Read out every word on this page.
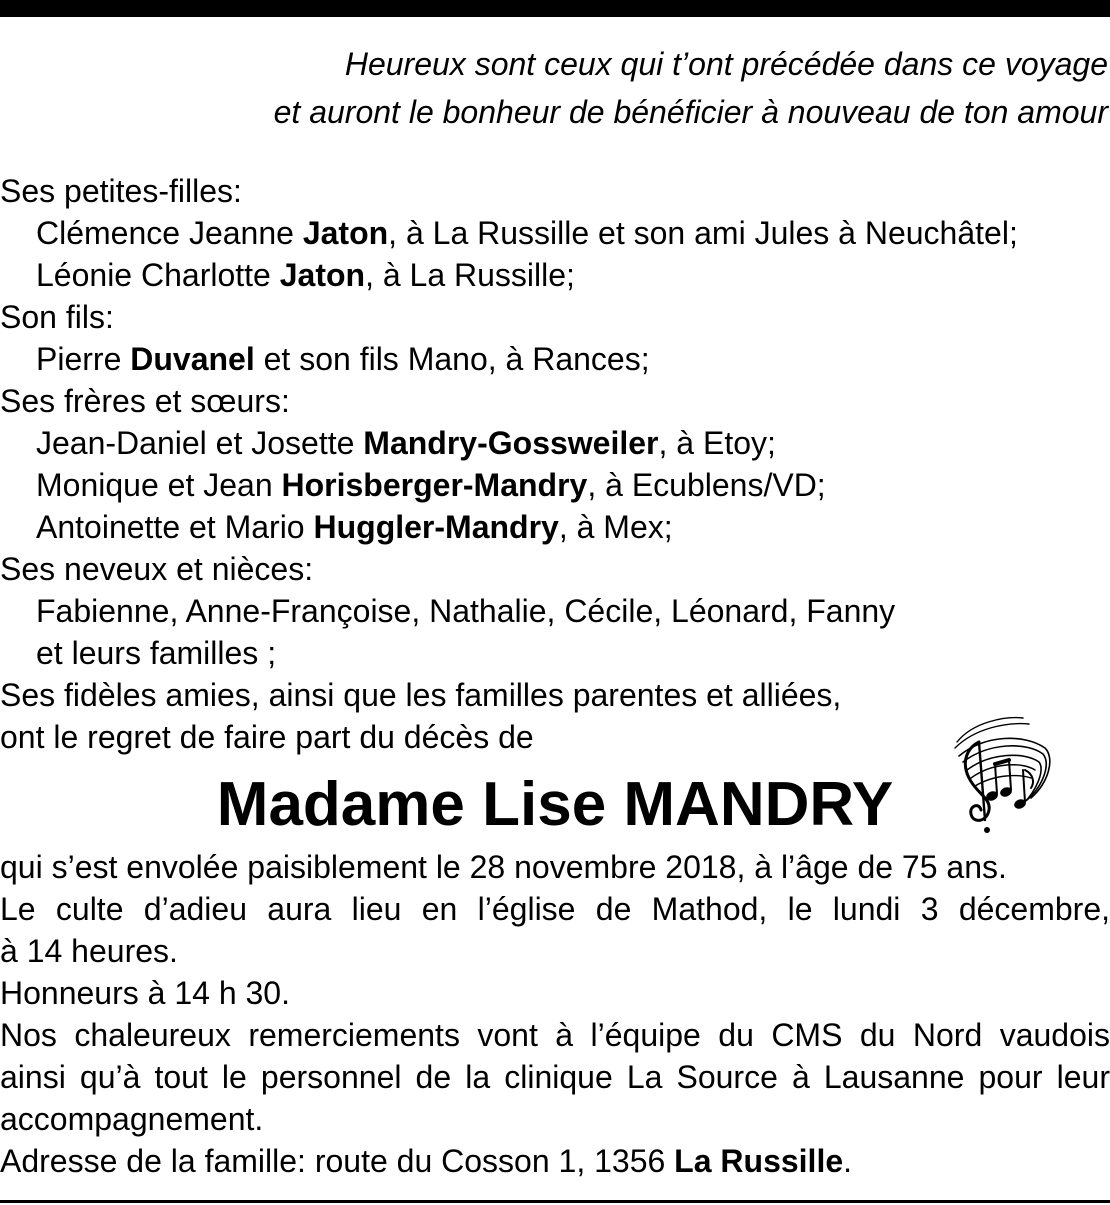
Heureux sont ceux qui t’ont précédée dans ce voyage
et auront le bonheur de bénéficier à nouveau de ton amour
Ses petites-filles:
Clémence Jeanne Jaton, à La Russille et son ami Jules à Neuchâtel;
Léonie Charlotte Jaton, à La Russille;
Son fils:
Pierre Duvanel et son fils Mano, à Rances;
Ses frères et sœurs:
Jean-Daniel et Josette Mandry-Gossweiler, à Etoy;
Monique et Jean Horisberger-Mandry, à Ecublens/VD;
Antoinette et Mario Huggler-Mandry, à Mex;
Ses neveux et nièces:
Fabienne, Anne-Françoise, Nathalie, Cécile, Léonard, Fanny
et leurs familles ;
Ses fidèles amies, ainsi que les familles parentes et alliées,
ont le regret de faire part du décès de
Madame Lise MANDRY
qui s’est envolée paisiblement le 28 novembre 2018, à l’âge de 75 ans.
Le culte d’adieu aura lieu en l’église de Mathod, le lundi 3 décembre,
à 14 heures.
Honneurs à 14 h 30.
Nos chaleureux remerciements vont à l’équipe du CMS du Nord vaudois
ainsi qu’à tout le personnel de la clinique La Source à Lausanne pour leur
accompagnement.
Adresse de la famille: route du Cosson 1, 1356 La Russille.
